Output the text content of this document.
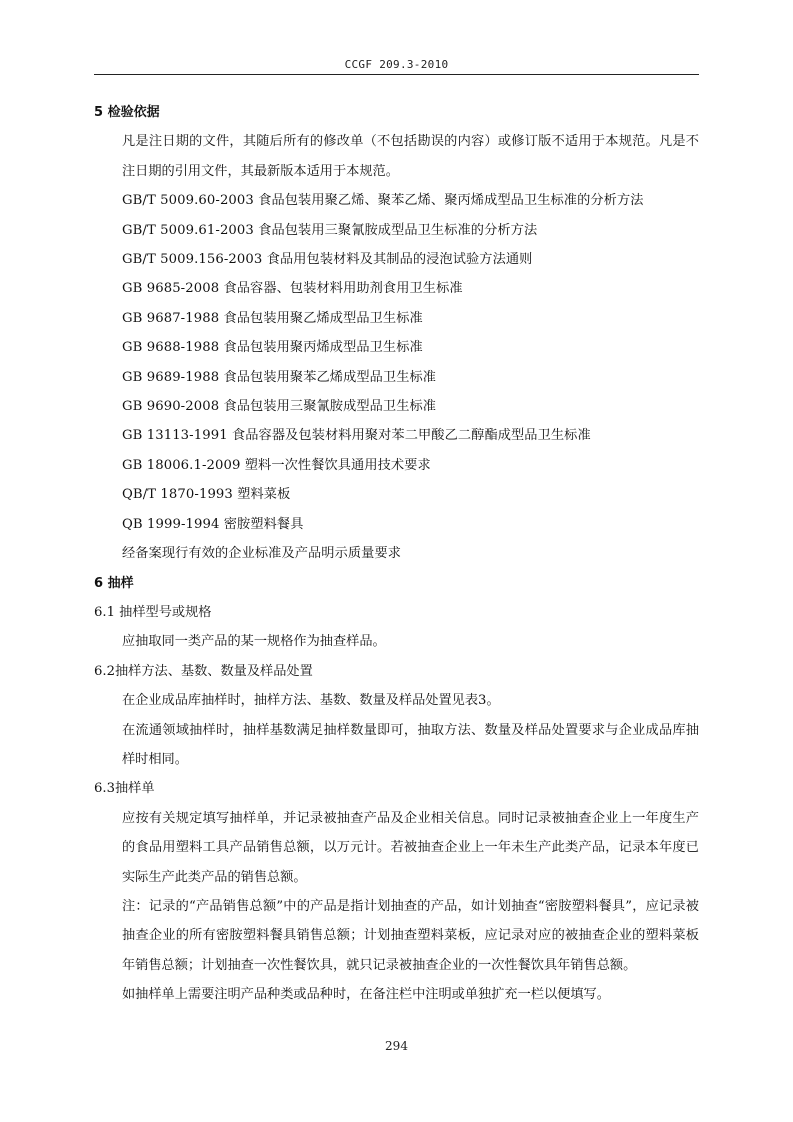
CCGF 209.3-2010

5 检验依据

凡是注日期的文件，其随后所有的修改单（不包括勘误的内容）或修订版不适用于本规范。凡是不注日期的引用文件，其最新版本适用于本规范。

GB/T 5009.60-2003 食品包装用聚乙烯、聚苯乙烯、聚丙烯成型品卫生标准的分析方法

GB/T 5009.61-2003 食品包装用三聚氰胺成型品卫生标准的分析方法

GB/T 5009.156-2003 食品用包装材料及其制品的浸泡试验方法通则

GB 9685-2008 食品容器、包装材料用助剂食用卫生标准

GB 9687-1988 食品包装用聚乙烯成型品卫生标准

GB 9688-1988 食品包装用聚丙烯成型品卫生标准

GB 9689-1988 食品包装用聚苯乙烯成型品卫生标准

GB 9690-2008 食品包装用三聚氰胺成型品卫生标准

GB 13113-1991 食品容器及包装材料用聚对苯二甲酸乙二醇酯成型品卫生标准

GB 18006.1-2009 塑料一次性餐饮具通用技术要求

QB/T 1870-1993 塑料菜板

QB 1999-1994 密胺塑料餐具

经备案现行有效的企业标准及产品明示质量要求

6 抽样

6.1 抽样型号或规格

应抽取同一类产品的某一规格作为抽查样品。

6.2抽样方法、基数、数量及样品处置

在企业成品库抽样时，抽样方法、基数、数量及样品处置见表3。

在流通领域抽样时，抽样基数满足抽样数量即可，抽取方法、数量及样品处置要求与企业成品库抽样时相同。

6.3抽样单

应按有关规定填写抽样单，并记录被抽查产品及企业相关信息。同时记录被抽查企业上一年度生产的食品用塑料工具产品销售总额，以万元计。若被抽查企业上一年未生产此类产品，记录本年度已实际生产此类产品的销售总额。

注：记录的“产品销售总额”中的产品是指计划抽查的产品，如计划抽查“密胺塑料餐具”，应记录被抽查企业的所有密胺塑料餐具销售总额；计划抽查塑料菜板，应记录对应的被抽查企业的塑料菜板年销售总额；计划抽查一次性餐饮具，就只记录被抽查企业的一次性餐饮具年销售总额。

如抽样单上需要注明产品种类或品种时，在备注栏中注明或单独扩充一栏以便填写。

294
